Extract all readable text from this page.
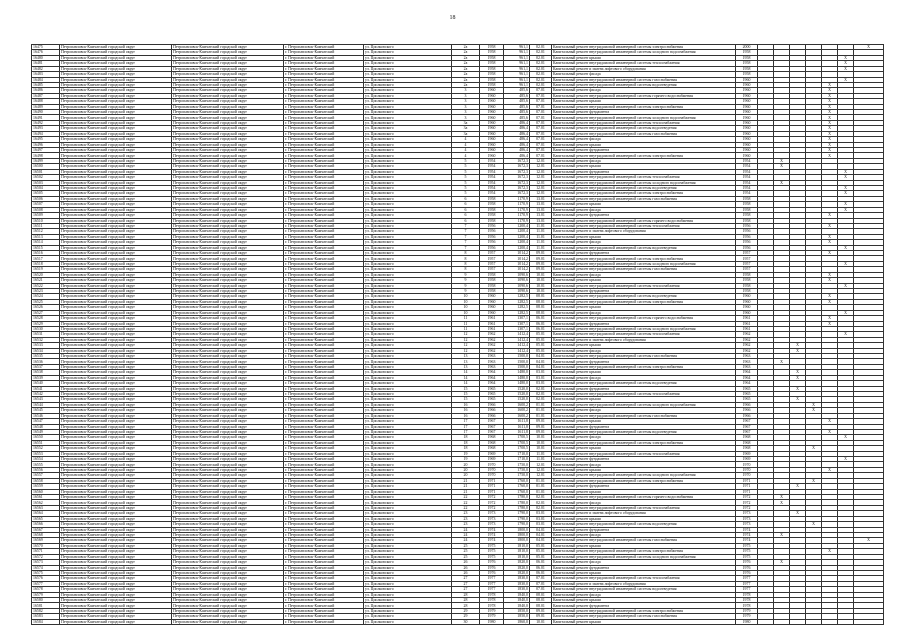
18
16475	Петропавловск-Камчатский городской округ	Петропавловск-Камчатский городской округ	г. Петропавловск-Камчатский	ул. Циолковского	2а	1958	961,1	02.01	Капитальный ремонт внутридомовой инженерной системы электроснабжения	2000							X
16476	Петропавловск-Камчатский городской округ	Петропавловск-Камчатский городской округ	г. Петропавловск-Камчатский	ул. Циолковского	2а	1958	961,1	02.01	Капитальный ремонт внутридомовой инженерной системы холодного водоснабжения	1958							
16480	Петропавловск-Камчатский городской округ	Петропавловск-Камчатский городской округ	г. Петропавловск-Камчатский	ул. Циолковского	2а	1958	961,1	02.01	Капитальный ремонт крыши	1958						X	
16481	Петропавловск-Камчатский городской округ	Петропавловск-Камчатский городской округ	г. Петропавловск-Камчатский	ул. Циолковского	2а	1958	961,1	02.01	Капитальный ремонт внутридомовой инженерной системы теплоснабжения	1958						X	
16482	Петропавловск-Камчатский городской округ	Петропавловск-Камчатский городской округ	г. Петропавловск-Камчатский	ул. Циолковского	2а	1958	961,1	02.01	Капитальный ремонт и замена лифтового оборудования	1958						X	
16483	Петропавловск-Камчатский городской округ	Петропавловск-Камчатский городской округ	г. Петропавловск-Камчатский	ул. Циолковского	2а	1958	961,1	02.01	Капитальный ремонт фасада	1958							
16484	Петропавловск-Камчатский городской округ	Петропавловск-Камчатский городской округ	г. Петропавловск-Камчатский	ул. Циолковского	2а	1958	961,1	02.01	Капитальный ремонт внутридомовой инженерной системы газоснабжения	1960						X	
16485	Петропавловск-Камчатский городской округ	Петропавловск-Камчатский городской округ	г. Петропавловск-Камчатский	ул. Циолковского	2а	1958	961,1	02.01	Капитальный ремонт внутридомовой инженерной системы водоотведения	1960					X		
16486	Петропавловск-Камчатский городской округ	Петропавловск-Камчатский городской округ	г. Петропавловск-Камчатский	ул. Циолковского	3	1960	485,6	07.01	Капитальный ремонт фасада	1960					X		
16487	Петропавловск-Камчатский городской округ	Петропавловск-Камчатский городской округ	г. Петропавловск-Камчатский	ул. Циолковского	3	1960	485,6	07.01	Капитальный ремонт внутридомовой инженерной системы горячего водоснабжения	1960					X		
16488	Петропавловск-Камчатский городской округ	Петропавловск-Камчатский городской округ	г. Петропавловск-Камчатский	ул. Циолковского	3	1960	485,6	07.01	Капитальный ремонт крыши	1960					X		
16489	Петропавловск-Камчатский городской округ	Петропавловск-Камчатский городской округ	г. Петропавловск-Камчатский	ул. Циолковского	3	1960	485,6	07.01	Капитальный ремонт внутридомовой инженерной системы электроснабжения	1960					X		
16490	Петропавловск-Камчатский городской округ	Петропавловск-Камчатский городской округ	г. Петропавловск-Камчатский	ул. Циолковского	3	1960	485,6	07.01	Капитальный ремонт фундамента	1960					X		
16491	Петропавловск-Камчатский городской округ	Петропавловск-Камчатский городской округ	г. Петропавловск-Камчатский	ул. Циолковского	3	1960	485,6	07.01	Капитальный ремонт внутридомовой инженерной системы холодного водоснабжения	1960					X		
16492	Петропавловск-Камчатский городской округ	Петропавловск-Камчатский городской округ	г. Петропавловск-Камчатский	ул. Циолковского	3а	1960	486,4	07.01	Капитальный ремонт внутридомовой инженерной системы теплоснабжения	1960					X		
16493	Петропавловск-Камчатский городской округ	Петропавловск-Камчатский городской округ	г. Петропавловск-Камчатский	ул. Циолковского	3а	1960	486,4	07.01	Капитальный ремонт внутридомовой инженерной системы водоотведения	1960					X		
16494	Петропавловск-Камчатский городской округ	Петропавловск-Камчатский городской округ	г. Петропавловск-Камчатский	ул. Циолковского	3а	1960	486,4	07.01	Капитальный ремонт внутридомовой инженерной системы газоснабжения	1960					X		
16495	Петропавловск-Камчатский городской округ	Петропавловск-Камчатский городской округ	г. Петропавловск-Камчатский	ул. Циолковского	4	1960	486,4	07.01	Капитальный ремонт фасада	1960					X		
16496	Петропавловск-Камчатский городской округ	Петропавловск-Камчатский городской округ	г. Петропавловск-Камчатский	ул. Циолковского	4	1960	486,4	07.01	Капитальный ремонт крыши	1960					X		
16497	Петропавловск-Камчатский городской округ	Петропавловск-Камчатский городской округ	г. Петропавловск-Камчатский	ул. Циолковского	4	1960	486,4	07.01	Капитальный ремонт фундамента	1960					X		
16498	Петропавловск-Камчатский городской округ	Петропавловск-Камчатский городской округ	г. Петропавловск-Камчатский	ул. Циолковского	4	1960	486,4	07.01	Капитальный ремонт внутридомовой инженерной системы электроснабжения	1960					X		
16499	Петропавловск-Камчатский городской округ	Петропавловск-Камчатский городской округ	г. Петропавловск-Камчатский	ул. Циолковского	5	1954	1672,3	12.01	Капитальный ремонт фасада	1954		X					
16500	Петропавловск-Камчатский городской округ	Петропавловск-Камчатский городской округ	г. Петропавловск-Камчатский	ул. Циолковского	5	1954	1672,3	12.01	Капитальный ремонт крыши	1954		X					
16501	Петропавловск-Камчатский городской округ	Петропавловск-Камчатский городской округ	г. Петропавловск-Камчатский	ул. Циолковского	5	1954	1672,3	12.01	Капитальный ремонт фундамента	1954						X	
16502	Петропавловск-Камчатский городской округ	Петропавловск-Камчатский городской округ	г. Петропавловск-Камчатский	ул. Циолковского	5	1954	1672,3	12.01	Капитальный ремонт внутридомовой инженерной системы теплоснабжения	1954						X	
16503	Петропавловск-Камчатский городской округ	Петропавловск-Камчатский городской округ	г. Петропавловск-Камчатский	ул. Циолковского	5	1954	1672,3	12.01	Капитальный ремонт внутридомовой инженерной системы холодного водоснабжения	1954		X					
16504	Петропавловск-Камчатский городской округ	Петропавловск-Камчатский городской округ	г. Петропавловск-Камчатский	ул. Циолковского	5	1954	1672,3	12.01	Капитальный ремонт внутридомовой инженерной системы водоотведения	1954						X	
16505	Петропавловск-Камчатский городской округ	Петропавловск-Камчатский городской округ	г. Петропавловск-Камчатский	ул. Циолковского	5	1954	1672,3	12.01	Капитальный ремонт внутридомовой инженерной системы электроснабжения	1954						X	
16506	Петропавловск-Камчатский городской округ	Петропавловск-Камчатский городской округ	г. Петропавловск-Камчатский	ул. Циолковского	6	1958	1170,9	13.01	Капитальный ремонт внутридомовой инженерной системы газоснабжения	1958							
16507	Петропавловск-Камчатский городской округ	Петропавловск-Камчатский городской округ	г. Петропавловск-Камчатский	ул. Циолковского	6	1958	1170,9	13.01	Капитальный ремонт крыши	1958						X	
16508	Петропавловск-Камчатский городской округ	Петропавловск-Камчатский городской округ	г. Петропавловск-Камчатский	ул. Циолковского	6	1958	1170,9	13.01	Капитальный ремонт фасада	1958						X	
16509	Петропавловск-Камчатский городской округ	Петропавловск-Камчатский городской округ	г. Петропавловск-Камчатский	ул. Циолковского	6	1958	1170,9	13.01	Капитальный ремонт фундамента	1958					X		
16510	Петропавловск-Камчатский городской округ	Петропавловск-Камчатский городской округ	г. Петропавловск-Камчатский	ул. Циолковского	6	1958	1170,9	13.01	Капитальный ремонт внутридомовой инженерной системы горячего водоснабжения	1958							
16511	Петропавловск-Камчатский городской округ	Петропавловск-Камчатский городской округ	г. Петропавловск-Камчатский	ул. Циолковского	7	1956	1200,4	11.01	Капитальный ремонт внутридомовой инженерной системы теплоснабжения	1956					X		
16512	Петропавловск-Камчатский городской округ	Петропавловск-Камчатский городской округ	г. Петропавловск-Камчатский	ул. Циолковского	7	1956	1200,4	11.01	Капитальный ремонт и замена лифтового оборудования	1956							
16513	Петропавловск-Камчатский городской округ	Петропавловск-Камчатский городской округ	г. Петропавловск-Камчатский	ул. Циолковского	7	1956	1200,4	11.01	Капитальный ремонт крыши	1956					X		
16514	Петропавловск-Камчатский городской округ	Петропавловск-Камчатский городской округ	г. Петропавловск-Камчатский	ул. Циолковского	7	1956	1200,4	11.01	Капитальный ремонт фасада	1956					X		
16515	Петропавловск-Камчатский городской округ	Петропавловск-Камчатский городской округ	г. Петропавловск-Камчатский	ул. Циолковского	7	1956	1200,4	11.01	Капитальный ремонт внутридомовой инженерной системы водоотведения	1956						X	
16516	Петропавловск-Камчатский городской округ	Петропавловск-Камчатский городской округ	г. Петропавловск-Камчатский	ул. Циолковского	8	1957	1014,2	09.01	Капитальный ремонт фундамента	1957					X		
16517	Петропавловск-Камчатский городской округ	Петропавловск-Камчатский городской округ	г. Петропавловск-Камчатский	ул. Циолковского	8	1957	1014,2	09.01	Капитальный ремонт внутридомовой инженерной системы электроснабжения	1957							
16518	Петропавловск-Камчатский городской округ	Петропавловск-Камчатский городской округ	г. Петропавловск-Камчатский	ул. Циолковского	8	1957	1014,2	09.01	Капитальный ремонт внутридомовой инженерной системы холодного водоснабжения	1957						X	
16519	Петропавловск-Камчатский городской округ	Петропавловск-Камчатский городской округ	г. Петропавловск-Камчатский	ул. Циолковского	8	1957	1014,2	09.01	Капитальный ремонт внутридомовой инженерной системы газоснабжения	1957							
16520	Петропавловск-Камчатский городской округ	Петропавловск-Камчатский городской округ	г. Петропавловск-Камчатский	ул. Циолковского	9	1958	1090,6	10.01	Капитальный ремонт фасада	1958					X		
16521	Петропавловск-Камчатский городской округ	Петропавловск-Камчатский городской округ	г. Петропавловск-Камчатский	ул. Циолковского	9	1958	1090,6	10.01	Капитальный ремонт крыши	1958					X		
16522	Петропавловск-Камчатский городской округ	Петропавловск-Камчатский городской округ	г. Петропавловск-Камчатский	ул. Циолковского	9	1958	1090,6	10.01	Капитальный ремонт внутридомовой инженерной системы теплоснабжения	1958						X	
16523	Петропавловск-Камчатский городской округ	Петропавловск-Камчатский городской округ	г. Петропавловск-Камчатский	ул. Циолковского	9	1958	1090,6	10.01	Капитальный ремонт фундамента	1958							
16524	Петропавловск-Камчатский городской округ	Петропавловск-Камчатский городской округ	г. Петропавловск-Камчатский	ул. Циолковского	10	1960	1282,5	08.01	Капитальный ремонт внутридомовой инженерной системы водоотведения	1960					X		
16525	Петропавловск-Камчатский городской округ	Петропавловск-Камчатский городской округ	г. Петропавловск-Камчатский	ул. Циолковского	10	1960	1282,5	08.01	Капитальный ремонт внутридомовой инженерной системы электроснабжения	1960					X		
16526	Петропавловск-Камчатский городской округ	Петропавловск-Камчатский городской округ	г. Петропавловск-Камчатский	ул. Циолковского	10	1960	1282,5	08.01	Капитальный ремонт крыши	1960							
16527	Петропавловск-Камчатский городской округ	Петропавловск-Камчатский городской округ	г. Петропавловск-Камчатский	ул. Циолковского	10	1960	1282,5	08.01	Капитальный ремонт фасада	1960						X	
16528	Петропавловск-Камчатский городской округ	Петропавловск-Камчатский городской округ	г. Петропавловск-Камчатский	ул. Циолковского	11	1961	1307,1	06.01	Капитальный ремонт внутридомовой инженерной системы горячего водоснабжения	1961					X		
16529	Петропавловск-Камчатский городской округ	Петропавловск-Камчатский городской округ	г. Петропавловск-Камчатский	ул. Циолковского	11	1961	1307,1	06.01	Капитальный ремонт фундамента	1961					X		
16530	Петропавловск-Камчатский городской округ	Петропавловск-Камчатский городской округ	г. Петропавловск-Камчатский	ул. Циолковского	11	1961	1307,1	06.01	Капитальный ремонт внутридомовой инженерной системы холодного водоснабжения	1961							
16531	Петропавловск-Камчатский городской округ	Петропавловск-Камчатский городской округ	г. Петропавловск-Камчатский	ул. Циолковского	12	1962	1412,4	05.01	Капитальный ремонт внутридомовой инженерной системы теплоснабжения	1962						X	
16532	Петропавловск-Камчатский городской округ	Петропавловск-Камчатский городской округ	г. Петропавловск-Камчатский	ул. Циолковского	12	1962	1412,4	05.01	Капитальный ремонт и замена лифтового оборудования	1962							
16533	Петропавловск-Камчатский городской округ	Петропавловск-Камчатский городской округ	г. Петропавловск-Камчатский	ул. Циолковского	12	1962	1412,4	05.01	Капитальный ремонт крыши	1962			X				
16534	Петропавловск-Камчатский городской округ	Петропавловск-Камчатский городской округ	г. Петропавловск-Камчатский	ул. Циолковского	12	1962	1412,4	05.01	Капитальный ремонт фасада	1962			X				
16535	Петропавловск-Камчатский городской округ	Петропавловск-Камчатский городской округ	г. Петропавловск-Камчатский	ул. Циолковского	13	1963	1500,0	04.01	Капитальный ремонт внутридомовой инженерной системы газоснабжения	1963							
16536	Петропавловск-Камчатский городской округ	Петропавловск-Камчатский городской округ	г. Петропавловск-Камчатский	ул. Циолковского	13	1963	1500,0	04.01	Капитальный ремонт фундамента	1963		X					
16537	Петропавловск-Камчатский городской округ	Петропавловск-Камчатский городской округ	г. Петропавловск-Камчатский	ул. Циолковского	13	1963	1500,0	04.01	Капитальный ремонт внутридомовой инженерной системы электроснабжения	1963							
16538	Петропавловск-Камчатский городской округ	Петропавловск-Камчатский городской округ	г. Петропавловск-Камчатский	ул. Циолковского	14	1964	1480,0	03.01	Капитальный ремонт крыши	1964			X				
16539	Петропавловск-Камчатский городской округ	Петропавловск-Камчатский городской округ	г. Петропавловск-Камчатский	ул. Циолковского	14	1964	1480,0	03.01	Капитальный ремонт фасада	1964			X				
16540	Петропавловск-Камчатский городской округ	Петропавловск-Камчатский городской округ	г. Петропавловск-Камчатский	ул. Циолковского	14	1964	1480,0	03.01	Капитальный ремонт внутридомовой инженерной системы водоотведения	1964							
16541	Петропавловск-Камчатский городской округ	Петропавловск-Камчатский городской округ	г. Петропавловск-Камчатский	ул. Циолковского	15	1965	1520,0	02.01	Капитальный ремонт фундамента	1965			X				
16542	Петропавловск-Камчатский городской округ	Петропавловск-Камчатский городской округ	г. Петропавловск-Камчатский	ул. Циолковского	15	1965	1520,0	02.01	Капитальный ремонт внутридомовой инженерной системы теплоснабжения	1965							
16543	Петропавловск-Камчатский городской округ	Петропавловск-Камчатский городской округ	г. Петропавловск-Камчатский	ул. Циолковского	15	1965	1520,0	02.01	Капитальный ремонт крыши	1965			X				
16544	Петропавловск-Камчатский городской округ	Петропавловск-Камчатский городской округ	г. Петропавловск-Камчатский	ул. Циолковского	16	1966	1600,2	01.01	Капитальный ремонт внутридомовой инженерной системы холодного водоснабжения	1966				X			
16545	Петропавловск-Камчатский городской округ	Петропавловск-Камчатский городской округ	г. Петропавловск-Камчатский	ул. Циолковского	16	1966	1600,2	01.01	Капитальный ремонт фасада	1966				X			
16546	Петропавловск-Камчатский городской округ	Петропавловск-Камчатский городской округ	г. Петропавловск-Камчатский	ул. Циолковского	16	1966	1600,2	01.01	Капитальный ремонт внутридомовой инженерной системы газоснабжения	1966							
16547	Петропавловск-Камчатский городской округ	Петропавловск-Камчатский городской округ	г. Петропавловск-Камчатский	ул. Циолковского	17	1967	1611,8	09.01	Капитальный ремонт крыши	1967					X		
16548	Петропавловск-Камчатский городской округ	Петропавловск-Камчатский городской округ	г. Петропавловск-Камчатский	ул. Циолковского	17	1967	1611,8	09.01	Капитальный ремонт фундамента	1967							
16549	Петропавловск-Камчатский городской округ	Петропавловск-Камчатский городской округ	г. Петропавловск-Камчатский	ул. Циолковского	17	1967	1611,8	09.01	Капитальный ремонт внутридомовой инженерной системы водоотведения	1967					X		
16550	Петропавловск-Камчатский городской округ	Петропавловск-Камчатский городской округ	г. Петропавловск-Камчатский	ул. Циолковского	18	1968	1700,5	10.01	Капитальный ремонт фасада	1968						X	
16551	Петропавловск-Камчатский городской округ	Петропавловск-Камчатский городской округ	г. Петропавловск-Камчатский	ул. Циолковского	18	1968	1700,5	10.01	Капитальный ремонт внутридомовой инженерной системы электроснабжения	1968							
16552	Петропавловск-Камчатский городской округ	Петропавловск-Камчатский городской округ	г. Петропавловск-Камчатский	ул. Циолковского	18	1968	1700,5	10.01	Капитальный ремонт крыши	1968				X			
16553	Петропавловск-Камчатский городской округ	Петропавловск-Камчатский городской округ	г. Петропавловск-Камчатский	ул. Циолковского	19	1969	1710,0	11.01	Капитальный ремонт внутридомовой инженерной системы теплоснабжения	1969							
16554	Петропавловск-Камчатский городской округ	Петропавловск-Камчатский городской округ	г. Петропавловск-Камчатский	ул. Циолковского	19	1969	1710,0	11.01	Капитальный ремонт фундамента	1969						X	
16555	Петропавловск-Камчатский городской округ	Петропавловск-Камчатский городской округ	г. Петропавловск-Камчатский	ул. Циолковского	20	1970	1750,0	12.01	Капитальный ремонт фасада	1970							
16556	Петропавловск-Камчатский городской округ	Петропавловск-Камчатский городской округ	г. Петропавловск-Камчатский	ул. Циолковского	20	1970	1750,0	12.01	Капитальный ремонт крыши	1970					X		
16557	Петропавловск-Камчатский городской округ	Петропавловск-Камчатский городской округ	г. Петропавловск-Камчатский	ул. Циолковского	20	1970	1750,0	12.01	Капитальный ремонт внутридомовой инженерной системы холодного водоснабжения	1970							
16558	Петропавловск-Камчатский городской округ	Петропавловск-Камчатский городской округ	г. Петропавловск-Камчатский	ул. Циолковского	21	1971	1760,0	01.01	Капитальный ремонт внутридомовой инженерной системы электроснабжения	1971				X			
16559	Петропавловск-Камчатский городской округ	Петропавловск-Камчатский городской округ	г. Петропавловск-Камчатский	ул. Циолковского	21	1971	1760,0	01.01	Капитальный ремонт фундамента	1971			X				
16560	Петропавловск-Камчатский городской округ	Петропавловск-Камчатский городской округ	г. Петропавловск-Камчатский	ул. Циолковского	21	1971	1760,0	01.01	Капитальный ремонт крыши	1971							
16561	Петропавловск-Камчатский городской округ	Петропавловск-Камчатский городской округ	г. Петропавловск-Камчатский	ул. Циолковского	22	1972	1780,0	02.01	Капитальный ремонт внутридомовой инженерной системы горячего водоснабжения	1972		X					
16562	Петропавловск-Камчатский городской округ	Петропавловск-Камчатский городской округ	г. Петропавловск-Камчатский	ул. Циолковского	22	1972	1780,0	02.01	Капитальный ремонт фасада	1972		X					
16563	Петропавловск-Камчатский городской округ	Петропавловск-Камчатский городской округ	г. Петропавловск-Камчатский	ул. Циолковского	22	1972	1780,0	02.01	Капитальный ремонт внутридомовой инженерной системы теплоснабжения	1972							
16564	Петропавловск-Камчатский городской округ	Петропавловск-Камчатский городской округ	г. Петропавловск-Камчатский	ул. Циолковского	23	1973	1790,0	03.01	Капитальный ремонт и замена лифтового оборудования	1973			X				
16565	Петропавловск-Камчатский городской округ	Петропавловск-Камчатский городской округ	г. Петропавловск-Камчатский	ул. Циолковского	23	1973	1790,0	03.01	Капитальный ремонт крыши	1973							
16566	Петропавловск-Камчатский городской округ	Петропавловск-Камчатский городской округ	г. Петропавловск-Камчатский	ул. Циолковского	23	1973	1790,0	03.01	Капитальный ремонт внутридомовой инженерной системы водоотведения	1973				X			
16567	Петропавловск-Камчатский городской округ	Петропавловск-Камчатский городской округ	г. Петропавловск-Камчатский	ул. Циолковского	24	1974	1800,0	04.01	Капитальный ремонт фундамента	1974							
16568	Петропавловск-Камчатский городской округ	Петропавловск-Камчатский городской округ	г. Петропавловск-Камчатский	ул. Циолковского	24	1974	1800,0	04.01	Капитальный ремонт фасада	1974		X					
16569	Петропавловск-Камчатский городской округ	Петропавловск-Камчатский городской округ	г. Петропавловск-Камчатский	ул. Циолковского	24	1974	1800,0	04.01	Капитальный ремонт внутридомовой инженерной системы газоснабжения	1974							X
16570	Петропавловск-Камчатский городской округ	Петропавловск-Камчатский городской округ	г. Петропавловск-Камчатский	ул. Циолковского	25	1975	1810,0	05.01	Капитальный ремонт крыши	1975							
16571	Петропавловск-Камчатский городской округ	Петропавловск-Камчатский городской округ	г. Петропавловск-Камчатский	ул. Циолковского	25	1975	1810,0	05.01	Капитальный ремонт внутридомовой инженерной системы электроснабжения	1975					X		
16572	Петропавловск-Камчатский городской округ	Петропавловск-Камчатский городской округ	г. Петропавловск-Камчатский	ул. Циолковского	25	1975	1810,0	05.01	Капитальный ремонт внутридомовой инженерной системы холодного водоснабжения	1975							
16573	Петропавловск-Камчатский городской округ	Петропавловск-Камчатский городской округ	г. Петропавловск-Камчатский	ул. Циолковского	26	1976	1820,0	06.01	Капитальный ремонт фасада	1976		X					
16574	Петропавловск-Камчатский городской округ	Петропавловск-Камчатский городской округ	г. Петропавловск-Камчатский	ул. Циолковского	26	1976	1820,0	06.01	Капитальный ремонт фундамента	1976							
16575	Петропавловск-Камчатский городской округ	Петропавловск-Камчатский городской округ	г. Петропавловск-Камчатский	ул. Циолковского	26	1976	1820,0	06.01	Капитальный ремонт крыши	1976							
16576	Петропавловск-Камчатский городской округ	Петропавловск-Камчатский городской округ	г. Петропавловск-Камчатский	ул. Циолковского	27	1977	1830,0	07.01	Капитальный ремонт внутридомовой инженерной системы теплоснабжения	1977							
16577	Петропавловск-Камчатский городской округ	Петропавловск-Камчатский городской округ	г. Петропавловск-Камчатский	ул. Циолковского	27	1977	1830,0	07.01	Капитальный ремонт и замена лифтового оборудования	1977							
16578	Петропавловск-Камчатский городской округ	Петропавловск-Камчатский городской округ	г. Петропавловск-Камчатский	ул. Циолковского	27	1977	1830,0	07.01	Капитальный ремонт внутридомовой инженерной системы водоотведения	1977							
16579	Петропавловск-Камчатский городской округ	Петропавловск-Камчатский городской округ	г. Петропавловск-Камчатский	ул. Циолковского	28	1978	1840,0	08.01	Капитальный ремонт фасада	1978							
16580	Петропавловск-Камчатский городской округ	Петропавловск-Камчатский городской округ	г. Петропавловск-Камчатский	ул. Циолковского	28	1978	1840,0	08.01	Капитальный ремонт крыши	1978							
16581	Петропавловск-Камчатский городской округ	Петропавловск-Камчатский городской округ	г. Петропавловск-Камчатский	ул. Циолковского	28	1978	1840,0	08.01	Капитальный ремонт фундамента	1978							
16582	Петропавловск-Камчатский городской округ	Петропавловск-Камчатский городской округ	г. Петропавловск-Камчатский	ул. Циолковского	29	1979	1850,0	09.01	Капитальный ремонт внутридомовой инженерной системы электроснабжения	1979							
16583	Петропавловск-Камчатский городской округ	Петропавловск-Камчатский городской округ	г. Петропавловск-Камчатский	ул. Циолковского	29	1979	1850,0	09.01	Капитальный ремонт внутридомовой инженерной системы газоснабжения	1979							
16584	Петропавловск-Камчатский городской округ	Петропавловск-Камчатский городской округ	г. Петропавловск-Камчатский	ул. Циолковского	30	1980	1860,0	10.01	Капитальный ремонт крыши	1980							
